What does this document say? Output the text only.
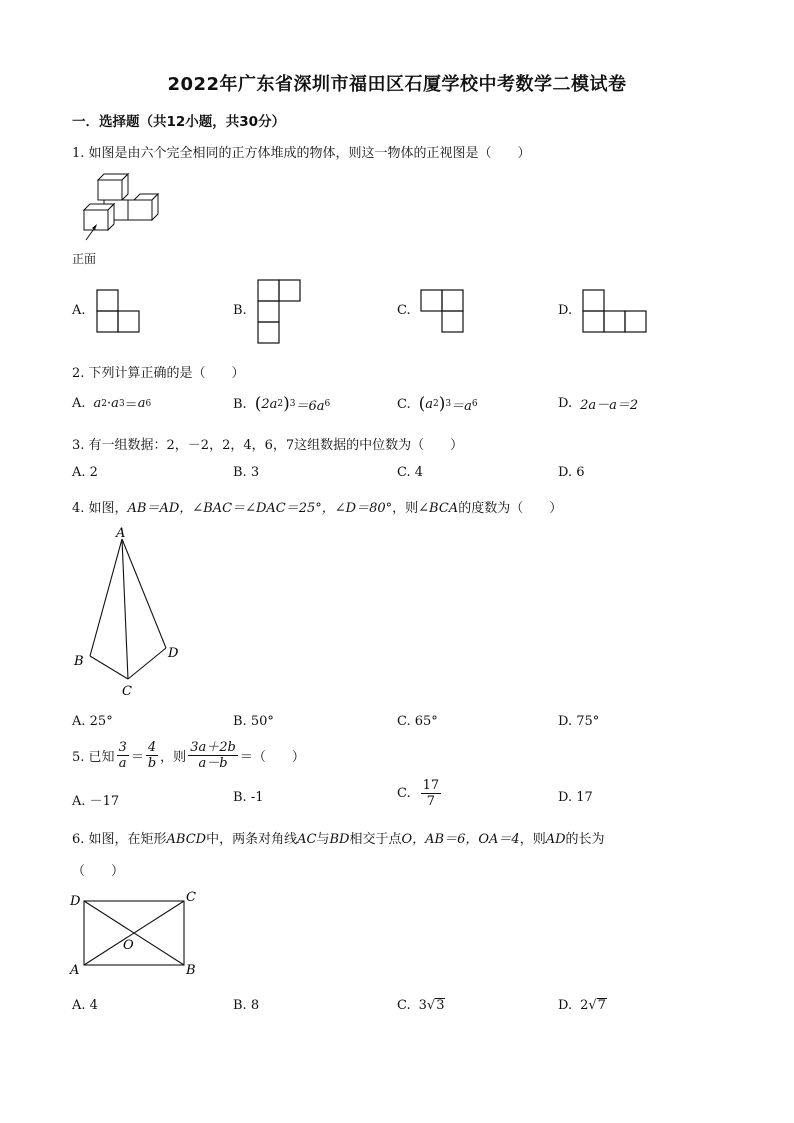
2022年广东省深圳市福田区石厦学校中考数学二模试卷
一．选择题（共12小题，共30分）
1. 如图是由六个完全相同的正方体堆成的物体，则这一物体的正视图是（　　）
正面
A.	B.	C.	D.
2. 下列计算正确的是（　　）
A. a 2 · a 3 ＝ a 6	B. ( 2a 2 ) 3 ＝6a 6	C. ( a 2 ) 3 ＝a 6	D. 2a－a＝2
3. 有一组数据：2，－2，2，4，6，7这组数据的中位数为（　　）
A. 2	B. 3	C. 4	D. 6
4. 如图，AB＝AD，∠BAC＝∠DAC＝25°，∠D＝80°，则∠BCA的度数为（　　）
A
B
C
D
A. 25°	B. 50°	C. 65°	D. 75°
5. 已知 $\frac{3}{a} = \frac{4}{b}$ ，则 $\frac{3a+2b}{a-b}$ ＝（　　）
A. －17	B. -1	C. $\frac{17}{7}$	D. 17
6. 如图，在矩形ABCD中，两条对角线AC与BD相交于点O，AB＝6，OA＝4，则AD的长为
（　　）
D	C
O
A	B
A. 4	B. 8	C. 3 √ 3	D. 2 √ 7
